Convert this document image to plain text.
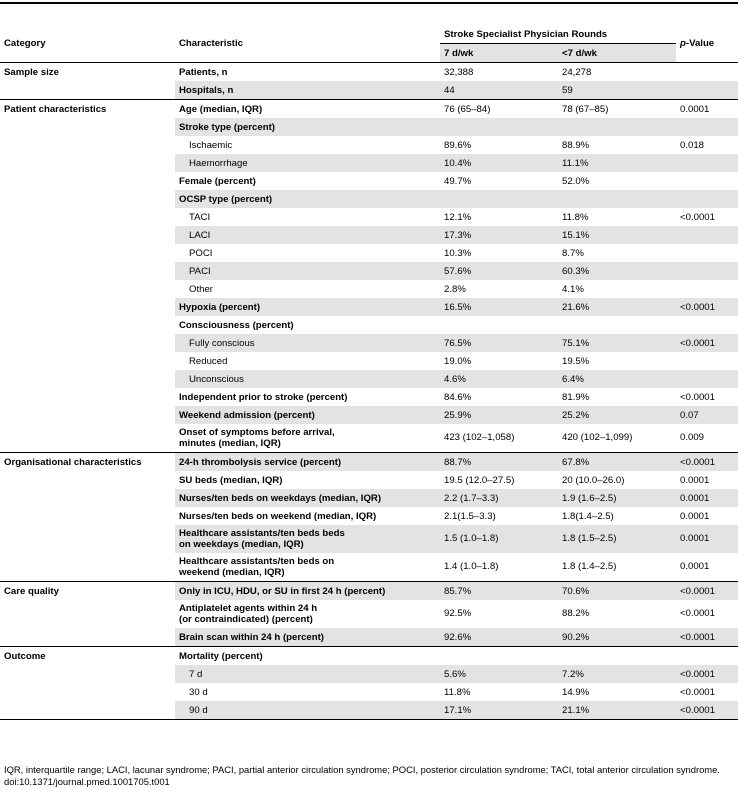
Category	Characteristic	Stroke Specialist Physician Rounds		p-Value
		7 d/wk	<7 d/wk	
Sample size	Patients, n	32,388	24,278	
	Hospitals, n	44	59	
Patient characteristics	Age (median, IQR)	76 (65–84)	78 (67–85)	0.0001
	Stroke type (percent)			
	Ischaemic	89.6%	88.9%	0.018
	Haemorrhage	10.4%	11.1%	
	Female (percent)	49.7%	52.0%	
	OCSP type (percent)			
	TACI	12.1%	11.8%	<0.0001
	LACI	17.3%	15.1%	
	POCI	10.3%	8.7%	
	PACI	57.6%	60.3%	
	Other	2.8%	4.1%	
	Hypoxia (percent)	16.5%	21.6%	<0.0001
	Consciousness (percent)			
	Fully conscious	76.5%	75.1%	<0.0001
	Reduced	19.0%	19.5%	
	Unconscious	4.6%	6.4%	
	Independent prior to stroke (percent)	84.6%	81.9%	<0.0001
	Weekend admission (percent)	25.9%	25.2%	0.07
	Onset of symptoms before arrival,
minutes (median, IQR)	423 (102–1,058)	420 (102–1,099)	0.009
Organisational characteristics	24-h thrombolysis service (percent)	88.7%	67.8%	<0.0001
	SU beds (median, IQR)	19.5 (12.0–27.5)	20 (10.0–26.0)	0.0001
	Nurses/ten beds on weekdays (median, IQR)	2.2 (1.7–3.3)	1.9 (1.6–2.5)	0.0001
	Nurses/ten beds on weekend (median, IQR)	2.1(1.5–3.3)	1.8(1.4–2.5)	0.0001
	Healthcare assistants/ten beds beds
on weekdays (median, IQR)	1.5 (1.0–1.8)	1.8 (1.5–2.5)	0.0001
	Healthcare assistants/ten beds on
weekend (median, IQR)	1.4 (1.0–1.8)	1.8 (1.4–2.5)	0.0001
Care quality	Only in ICU, HDU, or SU in first 24 h (percent)	85.7%	70.6%	<0.0001
	Antiplatelet agents within 24 h
(or contraindicated) (percent)	92.5%	88.2%	<0.0001
	Brain scan within 24 h (percent)	92.6%	90.2%	<0.0001
Outcome	Mortality (percent)			
	7 d	5.6%	7.2%	<0.0001
	30 d	11.8%	14.9%	<0.0001
	90 d	17.1%	21.1%	<0.0001
IQR, interquartile range; LACI, lacunar syndrome; PACI, partial anterior circulation syndrome; POCI, posterior circulation syndrome; TACI, total anterior circulation syndrome.
doi:10.1371/journal.pmed.1001705.t001
